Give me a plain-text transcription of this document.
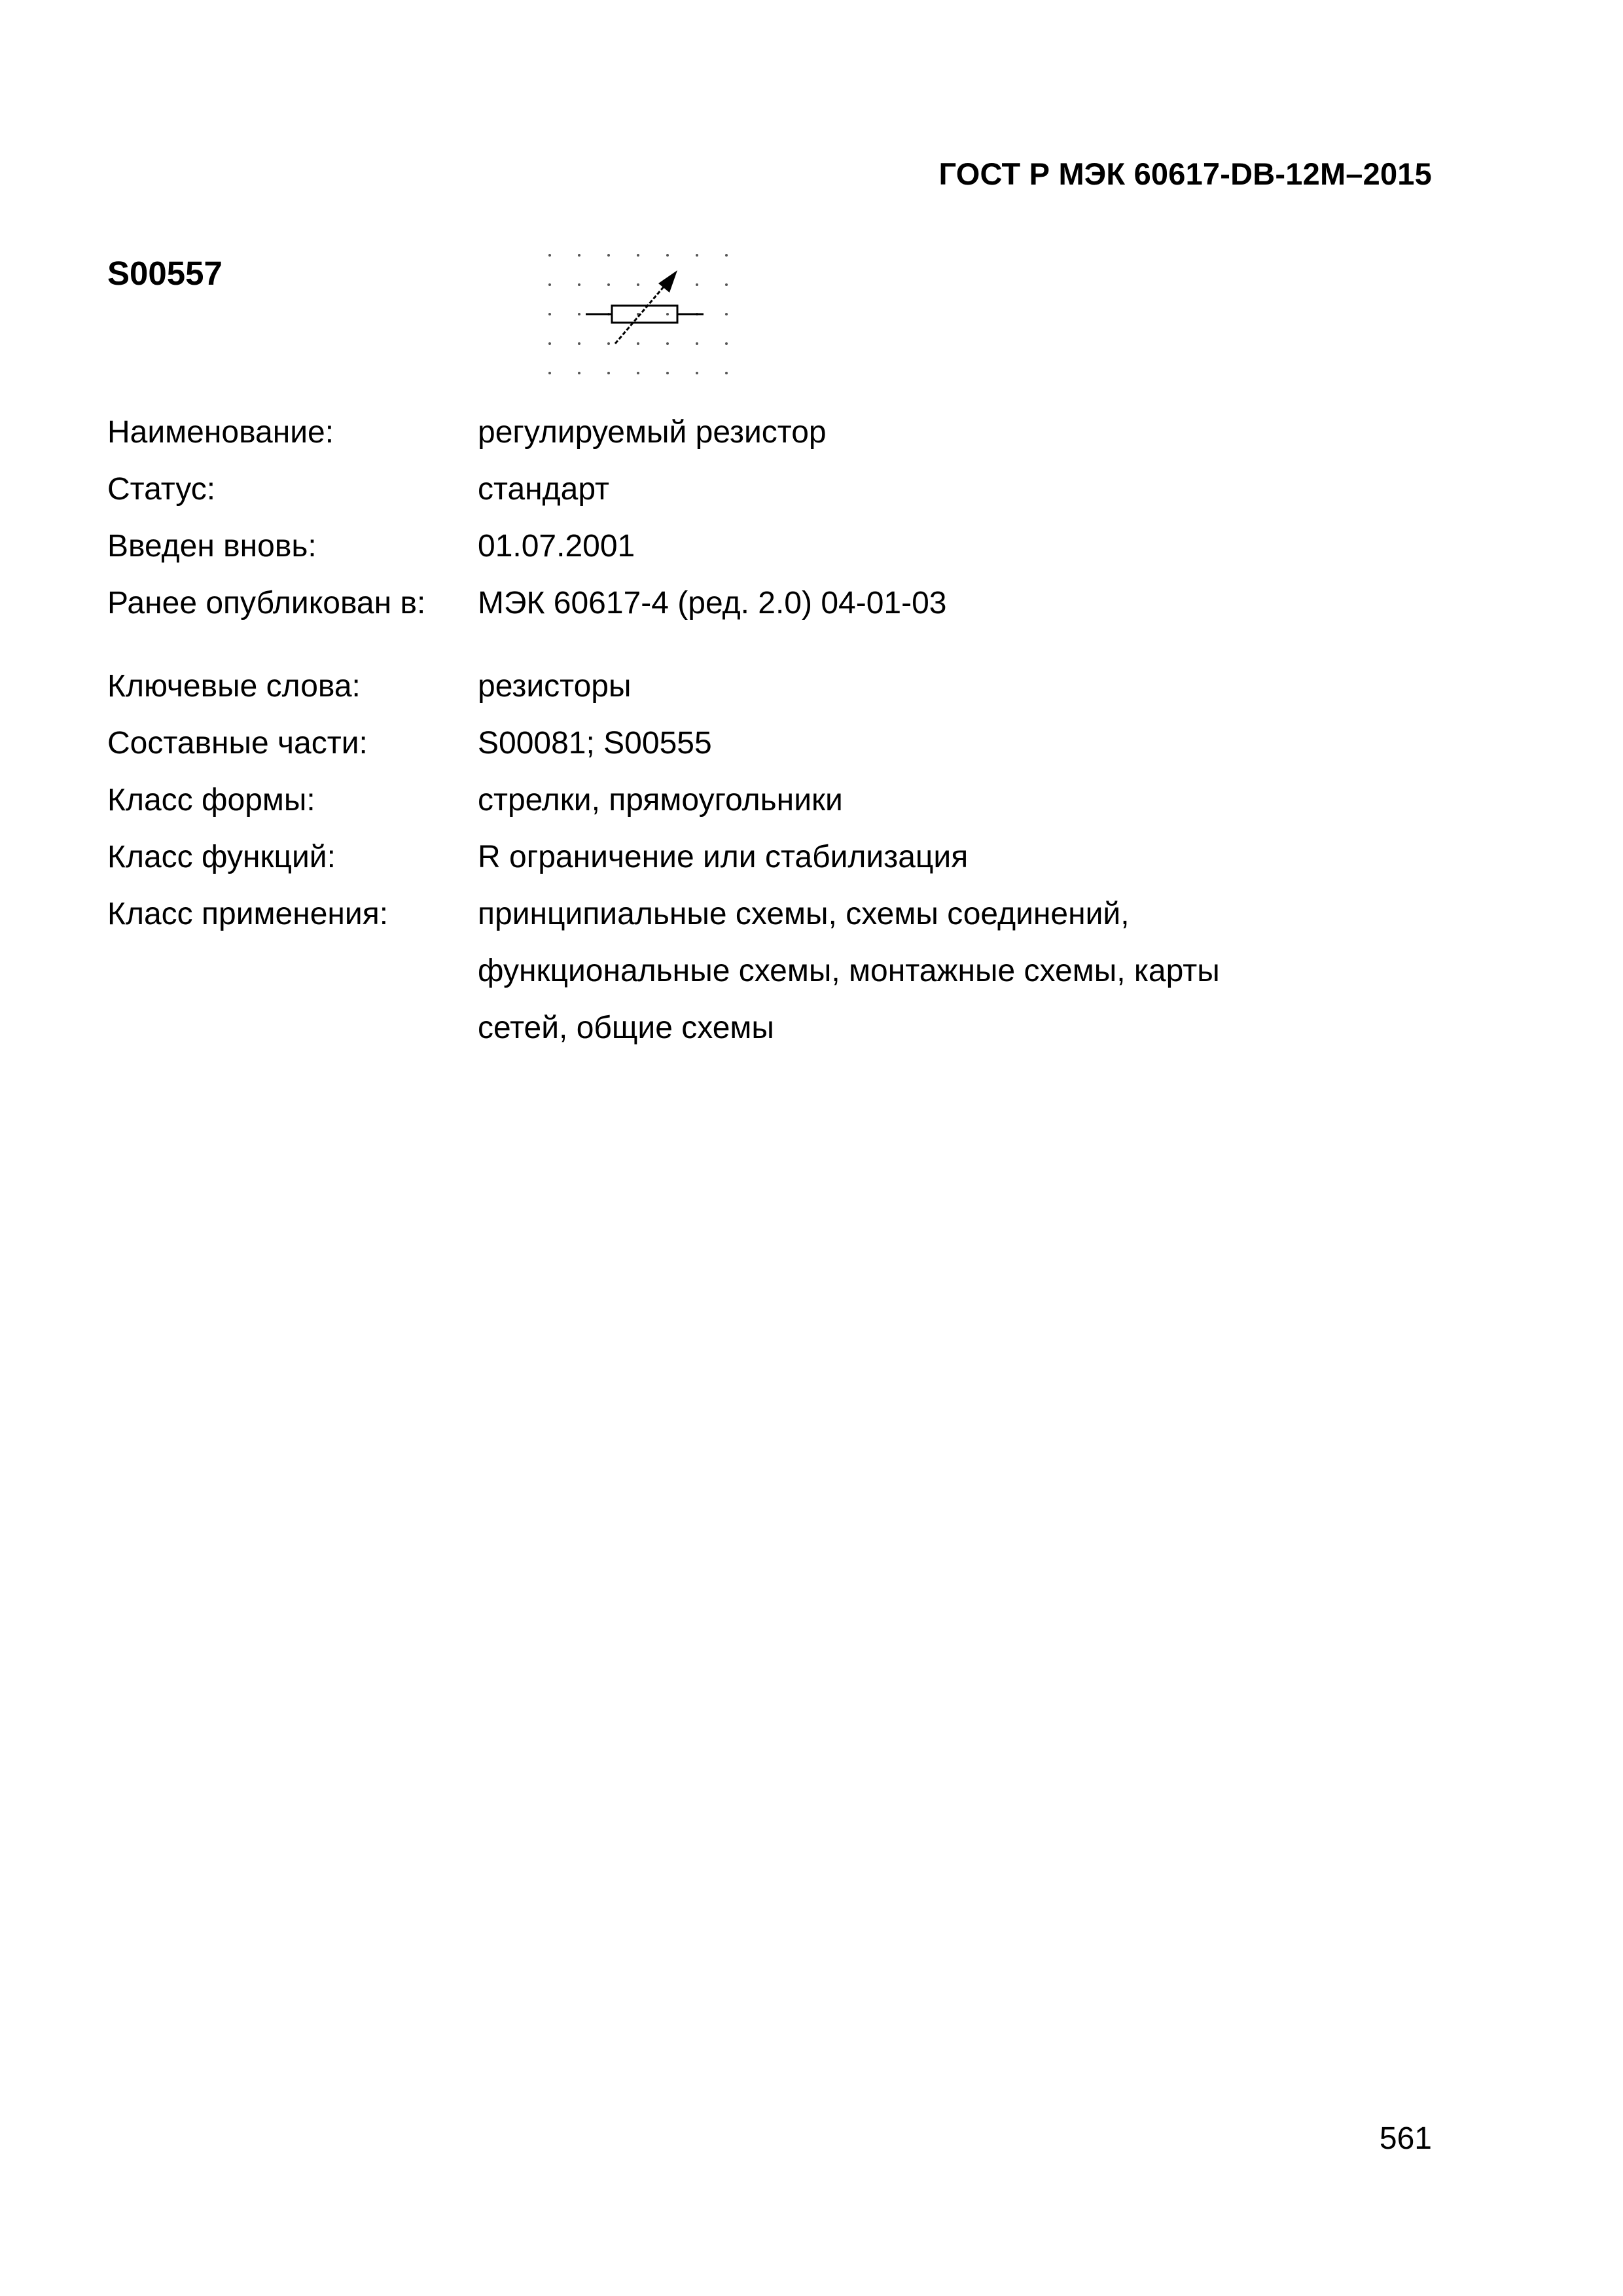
ГОСТ Р МЭК 60617-DB-12M–2015
S00557
Наименование:	регулируемый резистор
Статус:	стандарт
Введен вновь:	01.07.2001
Ранее опубликован в:	МЭК 60617-4 (ред. 2.0) 04-01-03
Ключевые слова:	резисторы
Составные части:	S00081; S00555
Класс формы:	стрелки, прямоугольники
Класс функций:	R ограничение или стабилизация
Класс применения:	принципиальные схемы, схемы соединений,
функциональные схемы, монтажные схемы, карты
сетей, общие схемы
561
